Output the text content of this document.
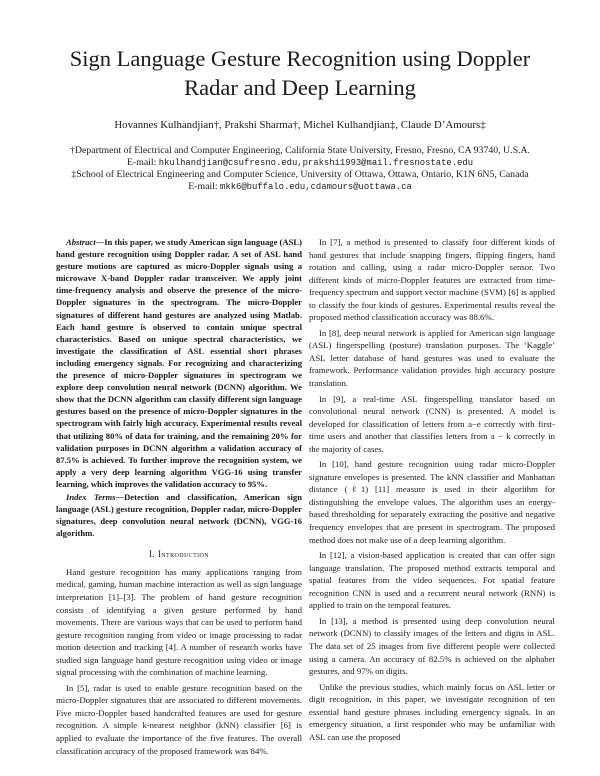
Sign Language Gesture Recognition using Doppler
Radar and Deep Learning
Hovannes Kulhandjian†, Prakshi Sharma†, Michel Kulhandjian‡, Claude D’Amours‡
†Department of Electrical and Computer Engineering, California State University, Fresno, Fresno, CA 93740, U.S.A.
E-mail: hkulhandjian@csufresno.edu,prakshi1993@mail.fresnostate.edu
‡School of Electrical Engineering and Computer Science, University of Ottawa, Ottawa, Ontario, K1N 6N5, Canada
E-mail: mkk6@buffalo.edu,cdamours@uottawa.ca

Abstract—In this paper, we study American sign language (ASL) hand gesture recognition using Doppler radar. A set of ASL hand gesture motions are captured as micro-Doppler signals using a microwave X-band Doppler radar transceiver. We apply joint time-frequency analysis and observe the presence of the micro-Doppler signatures in the spectrogram. The micro-Doppler signatures of different hand gestures are analyzed using Matlab. Each hand gesture is observed to contain unique spectral characteristics. Based on unique spectral characteristics, we investigate the classification of ASL essential short phrases including emergency signals. For recognizing and characterizing the presence of micro-Doppler signatures in spectrogram we explore deep convolution neural network (DCNN) algorithm. We show that the DCNN algorithm can classify different sign language gestures based on the presence of micro-Doppler signatures in the spectrogram with fairly high accuracy. Experimental results reveal that utilizing 80% of data for training, and the remaining 20% for validation purposes in DCNN algorithm a validation accuracy of 87.5% is achieved. To further improve the recognition system, we apply a very deep learning algorithm VGG-16 using transfer learning, which improves the validation accuracy to 95%.

Index Terms—Detection and classification, American sign language (ASL) gesture recognition, Doppler radar, micro-Doppler signatures, deep convolution neural network (DCNN), VGG-16 algorithm.

I. Introduction

Hand gesture recognition has many applications ranging from medical, gaming, human machine interaction as well as sign language interpretation [1]–[3]. The problem of hand gesture recognition consists of identifying a given gesture performed by hand movements. There are various ways that can be used to perform hand gesture recognition ranging from video or image processing to radar motion detection and tracking [4]. A number of research works have studied sign language hand gesture recognition using video or image signal processing with the combination of machine learning.

In [5], radar is used to enable gesture recognition based on the micro-Doppler signatures that are associated to different movements. Five micro-Doppler based handcrafted features are used for gesture recognition. A simple k-nearest neighbor (kNN) classifier [6] is applied to evaluate the importance of the five features. The overall classification accuracy of the proposed framework was 84%.

In [7], a method is presented to classify four different kinds of hand gestures that include snapping fingers, flipping fingers, hand rotation and calling, using a radar micro-Doppler sensor. Two different kinds of micro-Doppler features are extracted from time-frequency spectrum and support vector machine (SVM) [6] is applied to classify the four kinds of gestures. Experimental results reveal the proposed method classification accuracy was 88.6%.

In [8], deep neural network is applied for American sign language (ASL) fingerspelling (posture) translation purposes. The ‘Kaggle’ ASL letter database of hand gestures was used to evaluate the framework. Performance validation provides high accuracy posture translation.

In [9], a real-time ASL fingerspelling translator based on convolutional neural network (CNN) is presented. A model is developed for classification of letters from a−e correctly with first-time users and another that classifies letters from a − k correctly in the majority of cases.

In [10], hand gesture recognition using radar micro-Doppler signature envelopes is presented. The kNN classifier and Manhattan distance (ℓ1) [11] measure is used in their algorithm for distinguishing the envelope values. The algorithm uses an energy-based thresholding for separately extracting the positive and negative frequency envelopes that are present in spectrogram. The proposed method does not make use of a deep learning algorithm.

In [12], a vision-based application is created that can offer sign language translation. The proposed method extracts temporal and spatial features from the video sequences. For spatial feature recognition CNN is used and a recurrent neural network (RNN) is applied to train on the temporal features.

In [13], a method is presented using deep convolution neural network (DCNN) to classify images of the letters and digits in ASL. The data set of 25 images from five different people were collected using a camera. An accuracy of 82.5% is achieved on the alphabet gestures, and 97% on digits.

Unlike the previous studies, which mainly focus on ASL letter or digit recognition, in this paper, we investigate recognition of ten essential hand gesture phrases including emergency signals. In an emergency situation, a first responder who may be unfamiliar with ASL can use the proposed
